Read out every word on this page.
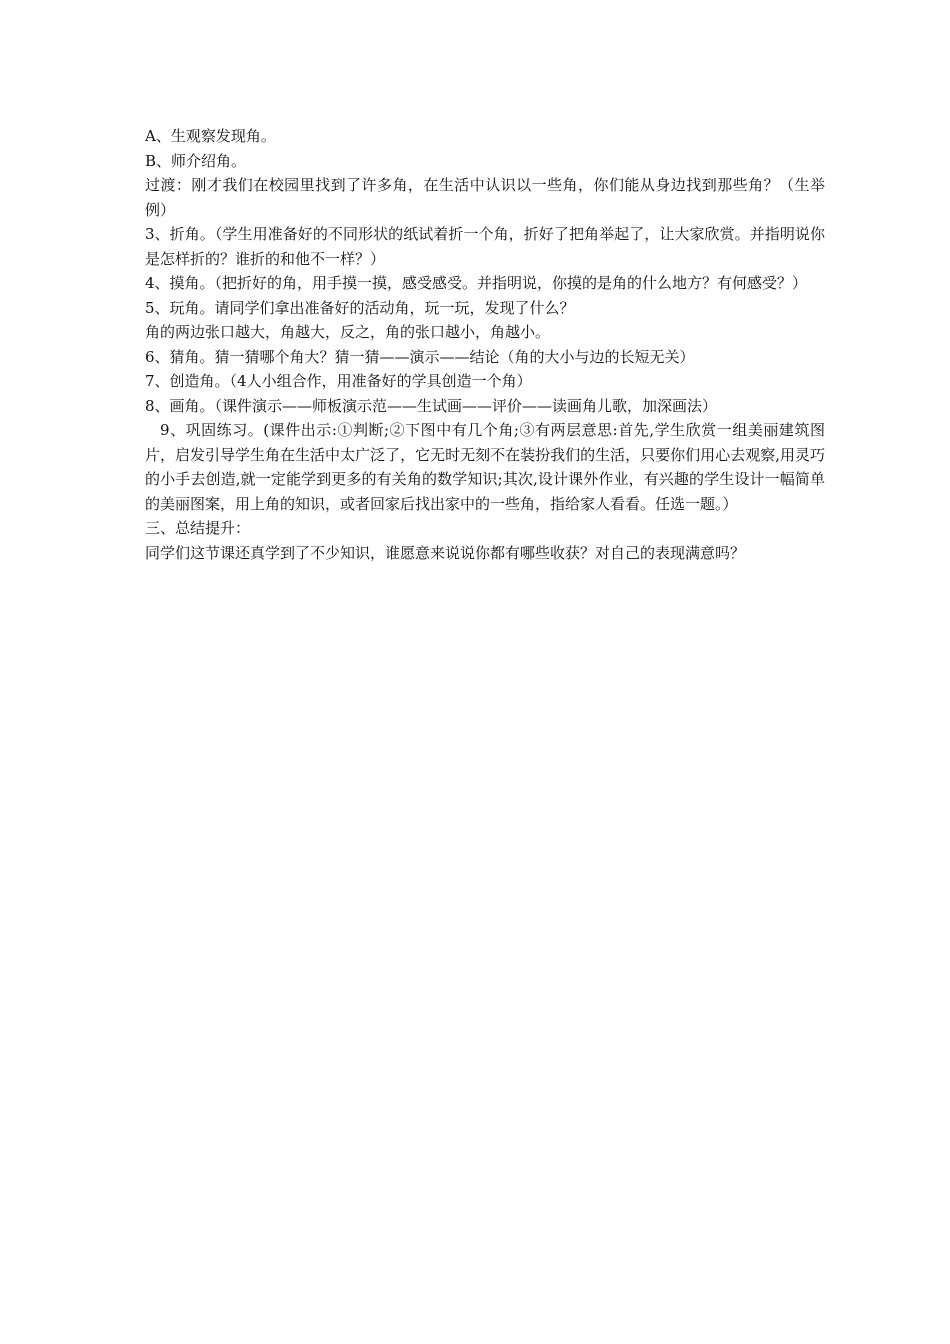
A、生观察发现角。

B、师介绍角。

过渡：刚才我们在校园里找到了许多角，在生活中认识以一些角，你们能从身边找到那些角？（生举例）

3、折角。（学生用准备好的不同形状的纸试着折一个角，折好了把角举起了，让大家欣赏。并指明说你是怎样折的？谁折的和他不一样？）

4、摸角。（把折好的角，用手摸一摸，感受感受。并指明说，你摸的是角的什么地方？有何感受？）

5、玩角。请同学们拿出准备好的活动角，玩一玩，发现了什么？

角的两边张口越大，角越大，反之，角的张口越小，角越小。

6、猜角。猜一猜哪个角大？猜一猜——演示——结论（角的大小与边的长短无关）

7、创造角。（4人小组合作，用准备好的学具创造一个角）

8、画角。（课件演示——师板演示范——生试画——评价——读画角儿歌，加深画法）

9、巩固练习。(课件出示:①判断;②下图中有几个角;③有两层意思:首先,学生欣赏一组美丽建筑图片，启发引导学生角在生活中太广泛了，它无时无刻不在装扮我们的生活，只要你们用心去观察,用灵巧的小手去创造,就一定能学到更多的有关角的数学知识;其次,设计课外作业，有兴趣的学生设计一幅简单的美丽图案，用上角的知识，或者回家后找出家中的一些角，指给家人看看。任选一题。）

三、总结提升：

同学们这节课还真学到了不少知识，谁愿意来说说你都有哪些收获？对自己的表现满意吗？
